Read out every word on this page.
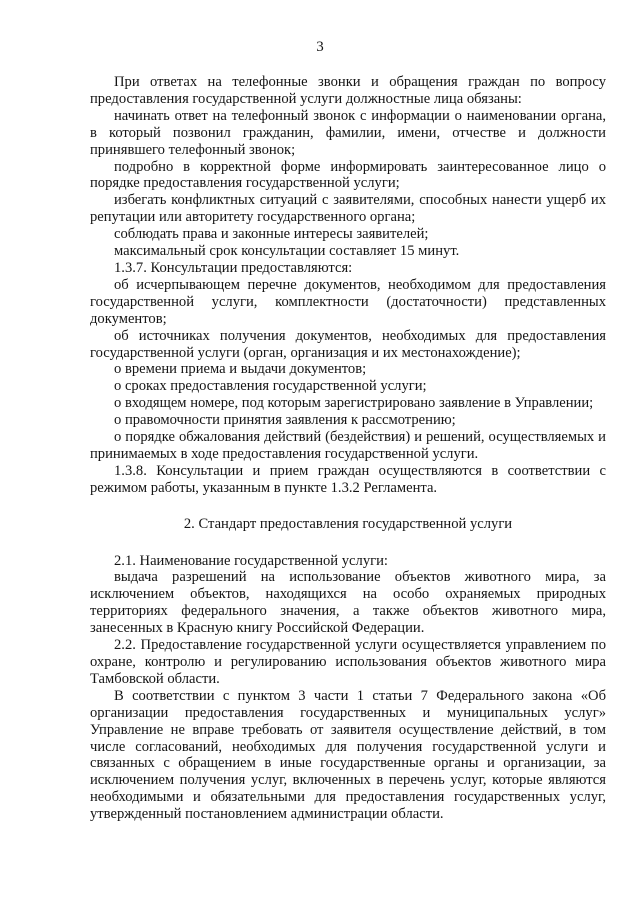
3

При ответах на телефонные звонки и обращения граждан по вопросу предоставления государственной услуги должностные лица обязаны:

начинать ответ на телефонный звонок с информации о наименовании органа, в который позвонил гражданин, фамилии, имени, отчестве и должности принявшего телефонный звонок;

подробно в корректной форме информировать заинтересованное лицо о порядке предоставления государственной услуги;

избегать конфликтных ситуаций с заявителями, способных нанести ущерб их репутации или авторитету государственного органа;

соблюдать права и законные интересы заявителей;

максимальный срок консультации составляет 15 минут.

1.3.7. Консультации предоставляются:

об исчерпывающем перечне документов, необходимом для предоставления государственной услуги, комплектности (достаточности) представленных документов;

об источниках получения документов, необходимых для предоставления государственной услуги (орган, организация и их местонахождение);

о времени приема и выдачи документов;

о сроках предоставления государственной услуги;

о входящем номере, под которым зарегистрировано заявление в Управлении;

о правомочности принятия заявления к рассмотрению;

о порядке обжалования действий (бездействия) и решений, осуществляемых и принимаемых в ходе предоставления государственной услуги.

1.3.8. Консультации и прием граждан осуществляются в соответствии с режимом работы, указанным в пункте 1.3.2 Регламента.

2. Стандарт предоставления государственной услуги

2.1. Наименование государственной услуги:

выдача разрешений на использование объектов животного мира, за исключением объектов, находящихся на особо охраняемых природных территориях федерального значения, а также объектов животного мира, занесенных в Красную книгу Российской Федерации.

2.2. Предоставление государственной услуги осуществляется управлением по охране, контролю и регулированию использования объектов животного мира Тамбовской области.

В соответствии с пунктом 3 части 1 статьи 7 Федерального закона «Об организации предоставления государственных и муниципальных услуг» Управление не вправе требовать от заявителя осуществление действий, в том числе согласований, необходимых для получения государственной услуги и связанных с обращением в иные государственные органы и организации, за исключением получения услуг, включенных в перечень услуг, которые являются необходимыми и обязательными для предоставления государственных услуг, утвержденный постановлением администрации области.
